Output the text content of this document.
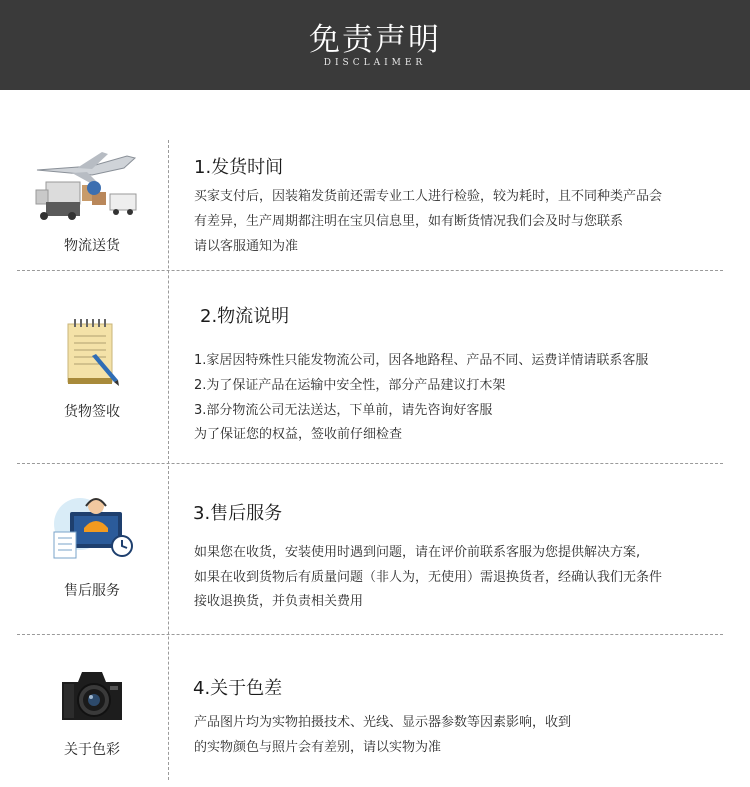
免责声明
DISCLAIMER
物流送货
1.发货时间
买家支付后，因装箱发货前还需专业工人进行检验，较为耗时，且不同种类产品会
有差异，生产周期都注明在宝贝信息里，如有断货情况我们会及时与您联系
请以客服通知为准
货物签收
2.物流说明
1.家居因特殊性只能发物流公司，因各地路程、产品不同、运费详情请联系客服
2.为了保证产品在运输中安全性，部分产品建议打木架
3.部分物流公司无法送达，下单前，请先咨询好客服
为了保证您的权益，签收前仔细检查
售后服务
3.售后服务
如果您在收货，安装使用时遇到问题，请在评价前联系客服为您提供解决方案,
如果在收到货物后有质量问题（非人为，无使用）需退换货者，经确认我们无条件
接收退换货，并负责相关费用
关于色彩
4.关于色差
产品图片均为实物拍摄技术、光线、显示器参数等因素影响，收到
的实物颜色与照片会有差别，请以实物为准
